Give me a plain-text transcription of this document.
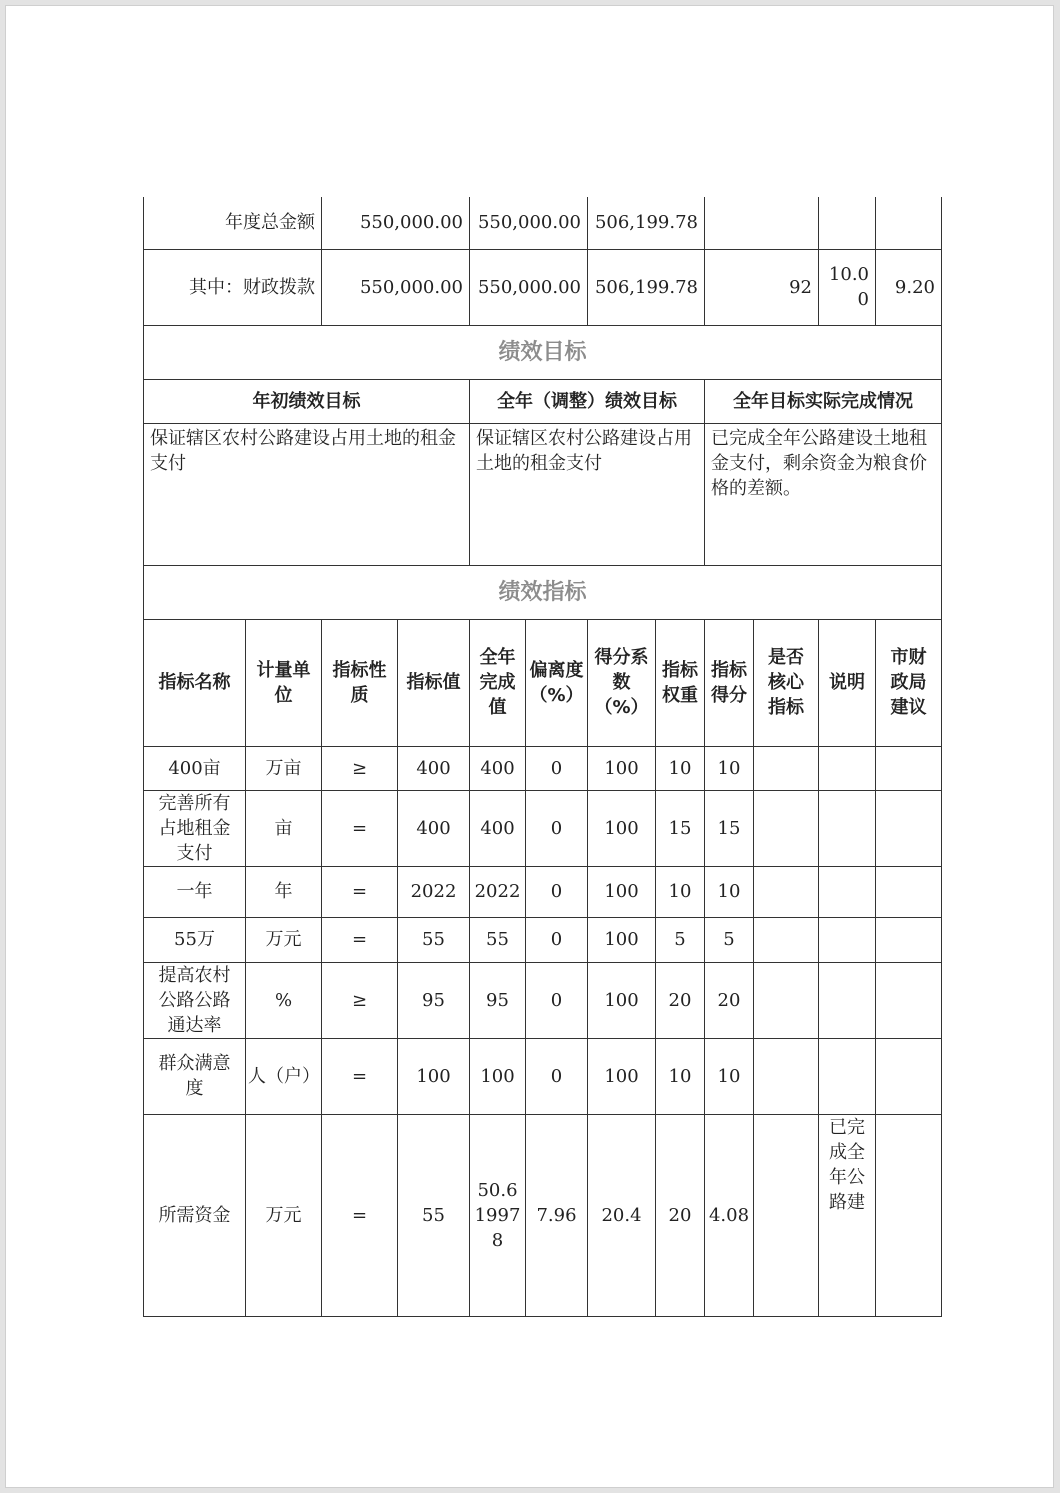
年度总金额		550,000.00		550,000.00		506,199.78					
其中：财政拨款		550,000.00		550,000.00		506,199.78		92		10.00	9.20
绩效目标											
年初绩效目标				全年（调整）绩效目标				全年目标实际完成情况			
保证辖区农村公路建设占用土地的租金支付				保证辖区农村公路建设占用土地的租金支付				已完成全年公路建设土地租金支付，剩余资金为粮食价格的差额。			
绩效指标											
指标名称	计量单位	指标性质	指标值	全年完成值	偏离度（%）	得分系数（%）	指标权重	指标得分	是否核心指标	说明	市财政局建议
400亩	万亩	≥	400	400	0	100	10	10			
完善所有占地租金支付	亩	=	400	400	0	100	15	15			
一年	年	=	2022	2022	0	100	10	10			
55万	万元	=	55	55	0	100	5	5			
提高农村公路公路通达率	%	≥	95	95	0	100	20	20			
群众满意度	人（户）	=	100	100	0	100	10	10			
所需资金	万元	=	55	50.619978	7.96	20.4	20	4.08		已完成全年公路建	
